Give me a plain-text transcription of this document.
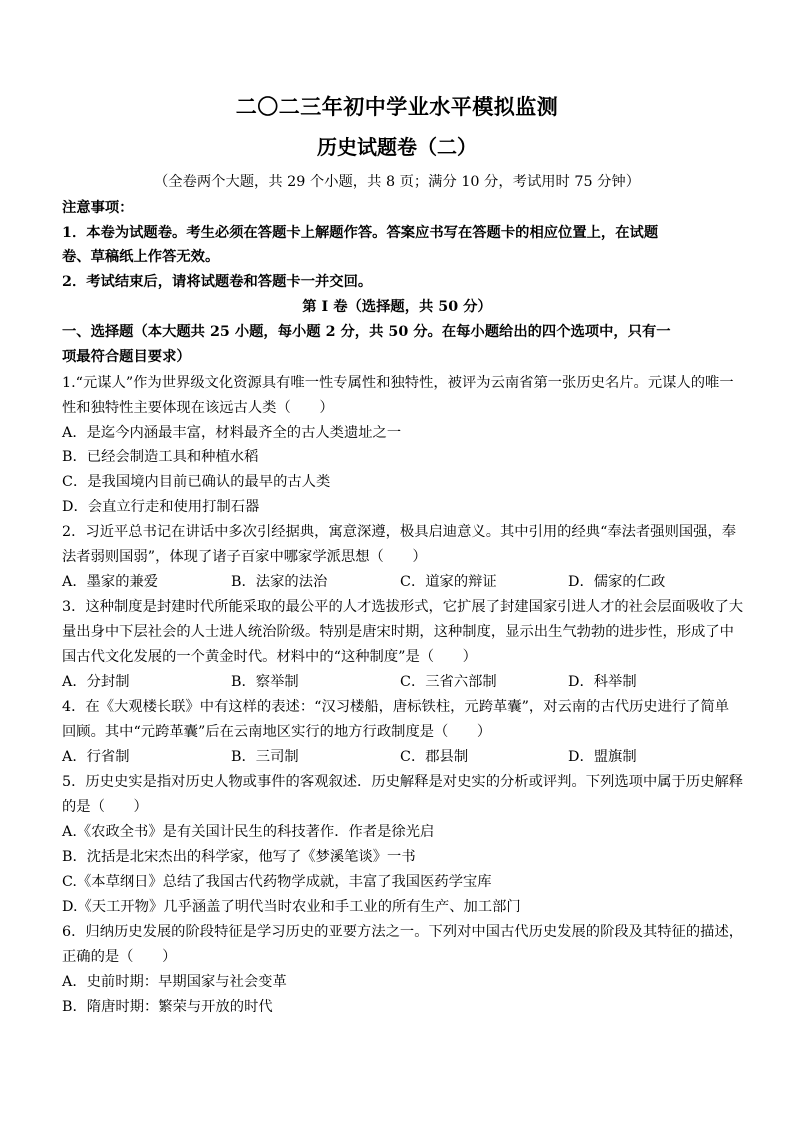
二〇二三年初中学业水平模拟监测
历史试题卷（二）
（全卷两个大题，共 29 个小题，共 8 页；满分 10 分，考试用时 75 分钟）
注意事项：
1．本卷为试题卷。考生必须在答题卡上解题作答。答案应书写在答题卡的相应位置上，在试题
卷、草稿纸上作答无效。
2．考试结束后，请将试题卷和答题卡一并交回。
第 I 卷（选择题，共 50 分）
一、选择题（本大题共 25 小题，每小题 2 分，共 50 分。在每小题给出的四个选项中，只有一
项最符合题目要求）
1.“元谋人”作为世界级文化资源具有唯一性专属性和独特性，被评为云南省第一张历史名片。元谋人的唯一
性和独特性主要体现在该远古人类（　　）
A．是迄今内涵最丰富，材料最齐全的古人类遗址之一
B．已经会制造工具和种植水稻
C．是我国境内目前已确认的最早的古人类
D．会直立行走和使用打制石器
2．习近平总书记在讲话中多次引经据典，寓意深遵，极具启迪意义。其中引用的经典“奉法者强则国强，奉
法者弱则国弱”，体现了诸子百家中哪家学派思想（　　）
A．墨家的兼爱	B．法家的法治	C．道家的辩证	D．儒家的仁政
3．这种制度是封建时代所能采取的最公平的人才选拔形式，它扩展了封建国家引进人才的社会层面吸收了大
量出身中下层社会的人士进人统治阶级。特别是唐宋时期，这种制度，显示出生气勃勃的进步性，形成了中
国古代文化发展的一个黄金时代。材料中的“这种制度”是（　　）
A．分封制	B．察举制	C．三省六部制	D．科举制
4．在《大观楼长联》中有这样的表述：“汉习楼船，唐标铁柱，元跨革囊”，对云南的古代历史进行了简单
回顾。其中“元跨革囊”后在云南地区实行的地方行政制度是（　　）
A．行省制	B．三司制	C．郡县制	D．盟旗制
5．历史史实是指对历史人物或事件的客观叙述．历史解释是对史实的分析或评判。下列选项中属于历史解释
的是（　　）
A.《农政全书》是有关国计民生的科技著作．作者是徐光启
B．沈括是北宋杰出的科学家，他写了《梦溪笔谈》一书
C.《本草纲日》总结了我国古代药物学成就，丰富了我国医药学宝库
D.《天工开物》几乎涵盖了明代当时农业和手工业的所有生产、加工部门
6．归纳历史发展的阶段特征是学习历史的亚要方法之一。下列对中国古代历史发展的阶段及其特征的描述，
正确的是（　　）
A．史前时期：早期国家与社会变革
B．隋唐时期：繁荣与开放的时代
